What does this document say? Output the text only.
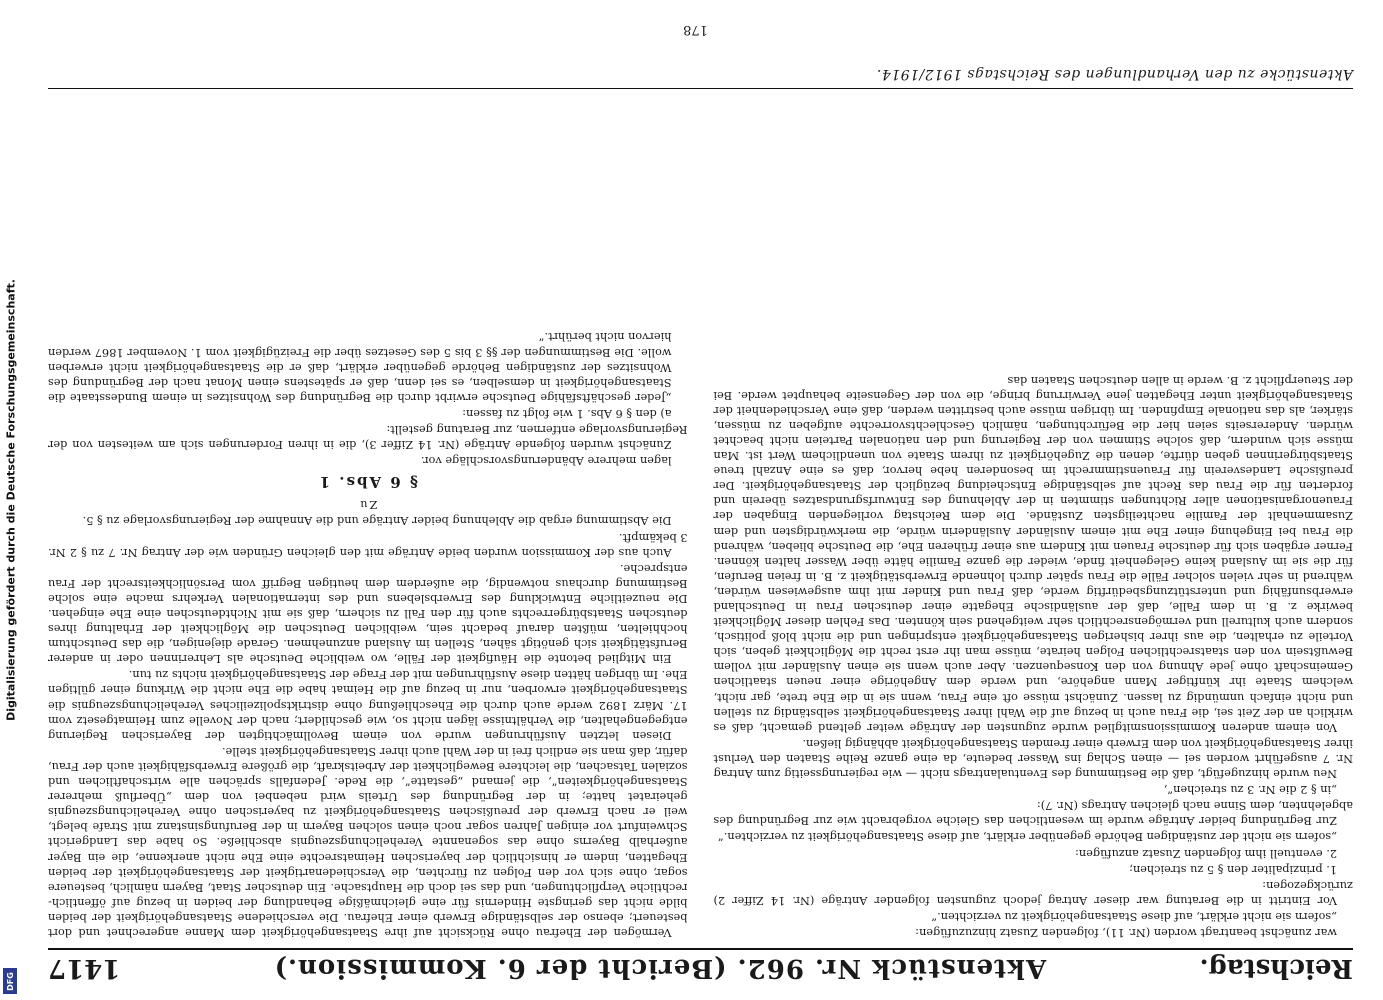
Reichstag.
Aktenstück Nr. 962. (Bericht der 6. Kommission.)
1417

war zunächst beantragt worden (Nr. 11), folgenden Zusatz hinzuzufügen:

„sofern sie nicht erklärt, auf diese Staatsangehörigkeit zu verzichten.“

Vor Eintritt in die Beratung war dieser Antrag jedoch zugunsten folgender Anträge (Nr. 14 Ziffer 2) zurückgezogen:

1. prinzipaliter den § 5 zu streichen;

2. eventuell ihm folgenden Zusatz anzufügen:

„sofern sie nicht der zuständigen Behörde gegenüber erklärt, auf diese Staatsangehörigkeit zu verzichten.“

Zur Begründung beider Anträge wurde im wesentlichen das Gleiche vorgebracht wie zur Begründung des abgelehnten, dem Sinne nach gleichen Antrags (Nr. 7):

„in § 2 die Nr. 3 zu streichen“,

Neu wurde hinzugefügt, daß die Bestimmung des Eventualantrags nicht — wie regierungsseitig zum Antrag Nr. 7 ausgeführt worden sei — einen Schlag ins Wasser bedeute, da eine ganze Reihe Staaten den Verlust ihrer Staatsangehörigkeit von dem Erwerb einer fremden Staatsangehörigkeit abhängig ließen.

Von einem anderen Kommissionsmitglied wurde zugunsten der Anträge weiter geltend gemacht, daß es wirklich an der Zeit sei, die Frau auch in bezug auf die Wahl ihrer Staatsangehörigkeit selbständig zu stellen und nicht einfach unmündig zu lassen. Zunächst müsse oft eine Frau, wenn sie in die Ehe trete, gar nicht, welchem Staate ihr künftiger Mann angehöre, und werde dem Angehörige einer neuen staatlichen Gemeinschaft ohne jede Ahnung von den Konsequenzen. Aber auch wenn sie einen Ausländer mit vollem Bewußtsein von den staatsrechtlichen Folgen heirate, müsse man ihr erst recht die Möglichkeit geben, sich Vorteile zu erhalten, die aus ihrer bisherigen Staatsangehörigkeit entspringen und die nicht bloß politisch, sondern auch kulturell und vermögensrechtlich sehr weitgehend sein könnten. Das Fehlen dieser Möglichkeit bewirke z. B. in dem Falle, daß der ausländische Ehegatte einer deutschen Frau in Deutschland erwerbsunfähig und unterstützungsbedürftig werde, daß Frau und Kinder mit ihm ausgewiesen würden, während in sehr vielen solcher Fälle die Frau später durch lohnende Erwerbstätigkeit z. B. in freien Berufen, für die sie im Ausland keine Gelegenheit finde, wieder die ganze Familie hätte über Wasser halten können. Ferner ergäben sich für deutsche Frauen mit Kindern aus einer früheren Ehe, die Deutsche blieben, während die Frau bei Eingehung einer Ehe mit einem Ausländer Ausländerin würde, die merkwürdigsten und dem Zusammenhalt der Familie nachteiligsten Zustände. Die dem Reichstag vorliegenden Eingaben der Frauenorganisationen aller Richtungen stimmten in der Ablehnung des Entwurfsgrundsatzes überein und forderten für die Frau das Recht auf selbständige Entscheidung bezüglich der Staatsangehörigkeit. Der preußische Landesverein für Frauenstimmrecht im besonderen hebe hervor, daß es eine Anzahl treue Staatsbürgerinnen geben dürfte, denen die Zugehörigkeit zu ihrem Staate von unendlichem Wert ist. Man müsse sich wundern, daß solche Stimmen von der Regierung und den nationalen Parteien nicht beachtet würden. Andererseits seien hier die Befürchtungen, nämlich Geschlechtsvorrechte aufgeben zu müssen, stärker, als das nationale Empfinden. Im übrigen müsse auch bestritten werden, daß eine Verschiedenheit der Staatsangehörigkeit unter Ehegatten jene Verwirrung bringe, die von der Gegenseite behauptet werde. Bei der Steuerpflicht z. B. werde in allen deutschen Staaten das

Vermögen der Ehefrau ohne Rücksicht auf ihre Staatsangehörigkeit dem Manne angerechnet und dort besteuert; ebenso der selbständige Erwerb einer Ehefrau. Die verschiedene Staatsangehörigkeit der beiden bilde nicht das geringste Hindernis für eine gleichmäßige Behandlung der beiden in bezug auf öffentlich-rechtliche Verpflichtungen, und das sei doch die Hauptsache. Ein deutscher Staat, Bayern nämlich, besteuere sogar, ohne sich vor den Folgen zu fürchten, die Verschiedenartigkeit der Staatsangehörigkeit der beiden Ehegatten, indem er hinsichtlich der bayerischen Heimatsrechte eine Ehe nicht anerkenne, die ein Bayer außerhalb Bayerns ohne das sogenannte Verehelichungszeugnis abschließe. So habe das Landgericht Schweinfurt vor einigen Jahren sogar noch einen solchen Bayern in der Berufungsinstanz mit Strafe belegt, weil er nach Erwerb der preußischen Staatsangehörigkeit zu bayerischen ohne Verehelichungszeugnis geheiratet hatte; in der Begründung des Urteils wird nebenbei von dem „Überfluß mehrerer Staatsangehörigkeiten“, die jemand „gestatte“, die Rede. Jedenfalls sprächen alle wirtschaftlichen und sozialen Tatsachen, die leichtere Beweglichkeit der Arbeitskraft, die größere Erwerbsfähigkeit auch der Frau, dafür, daß man sie endlich frei in der Wahl auch ihrer Staatsangehörigkeit stelle.

Diesen letzten Ausführungen wurde von einem Bevollmächtigten der Bayerischen Regierung entgegengehalten, die Verhältnisse lägen nicht so, wie geschildert; nach der Novelle zum Heimatgesetz vom 17. März 1892 werde auch durch die Eheschließung ohne distriktspolizeiliches Verehelichungszeugnis die Staatsangehörigkeit erworben, nur in bezug auf die Heimat habe die Ehe nicht die Wirkung einer gültigen Ehe. Im übrigen hätten diese Ausführungen mit der Frage der Staatsangehörigkeit nichts zu tun.

Ein Mitglied betonte die Häufigkeit der Fälle, wo weibliche Deutsche als Lehrerinnen oder in anderer Berufstätigkeit sich genötigt sähen, Stellen im Ausland anzunehmen. Gerade diejenigen, die das Deutschtum hochhielten, müßten darauf bedacht sein, weiblichen Deutschen die Möglichkeit der Erhaltung ihres deutschen Staatsbürgerrechts auch für den Fall zu sichern, daß sie mit Nichtdeutschen eine Ehe eingehen. Die neuzeitliche Entwicklung des Erwerbslebens und des internationalen Verkehrs mache eine solche Bestimmung durchaus notwendig, die außerdem dem heutigen Begriff vom Persönlichkeitsrecht der Frau entspreche.

Auch aus der Kommission wurden beide Anträge mit den gleichen Gründen wie der Antrag Nr. 7 zu § 2 Nr. 3 bekämpft.

Die Abstimmung ergab die Ablehnung beider Anträge und die Annahme der Regierungsvorlage zu § 5.

Zu

§ 6 Abs. 1

lagen mehrere Abänderungsvorschläge vor.

Zunächst wurden folgende Anträge (Nr. 14 Ziffer 3), die in ihren Forderungen sich am weitesten von der Regierungsvorlage entfernen, zur Beratung gestellt:

a) den § 6 Abs. 1 wie folgt zu fassen:

„Jeder geschäftsfähige Deutsche erwirbt durch die Begründung des Wohnsitzes in einem Bundesstaate die Staatsangehörigkeit in demselben, es sei denn, daß er spätestens einen Monat nach der Begründung des Wohnsitzes der zuständigen Behörde gegenüber erklärt, daß er die Staatsangehörigkeit nicht erwerben wolle. Die Bestimmungen der §§ 3 bis 5 des Gesetzes über die Freizügigkeit vom 1. November 1867 werden hiervon nicht berührt.“

Aktenstücke zu den Verhandlungen des Reichstags 1912/1914.
178
Digitalisierung gefördert durch die Deutsche Forschungsgemeinschaft.
DFG
